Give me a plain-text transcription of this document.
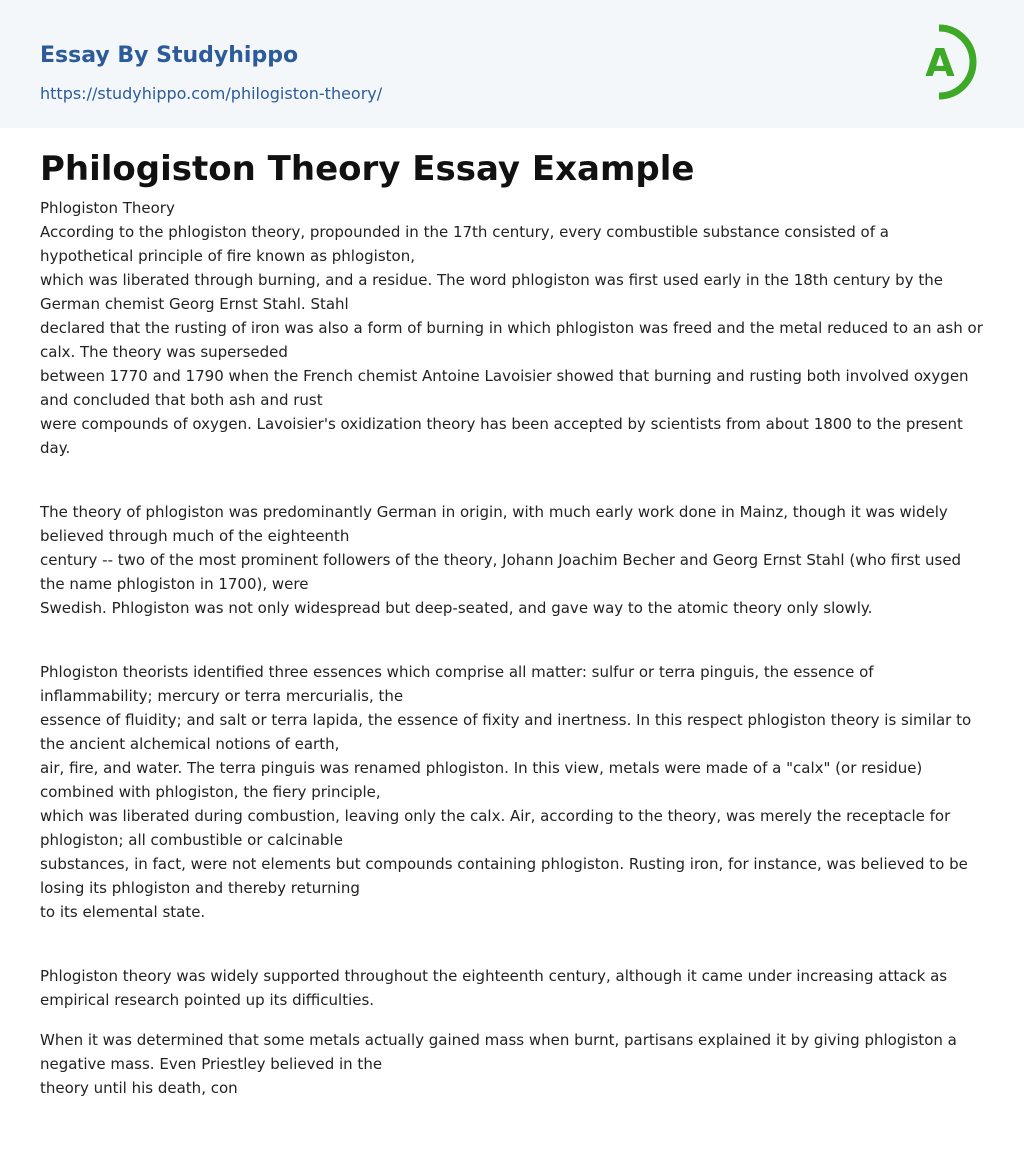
Essay By Studyhippo
https://studyhippo.com/philogiston-theory/
A
Philogiston Theory Essay Example

Phlogiston Theory
According to the phlogiston theory, propounded in the 17th century, every combustible substance consisted of a hypothetical principle of fire known as phlogiston,
which was liberated through burning, and a residue. The word phlogiston was first used early in the 18th century by the German chemist Georg Ernst Stahl. Stahl
declared that the rusting of iron was also a form of burning in which phlogiston was freed and the metal reduced to an ash or calx. The theory was superseded
between 1770 and 1790 when the French chemist Antoine Lavoisier showed that burning and rusting both involved oxygen and concluded that both ash and rust
were compounds of oxygen. Lavoisier's oxidization theory has been accepted by scientists from about 1800 to the present day.

The theory of phlogiston was predominantly German in origin, with much early work done in Mainz, though it was widely believed through much of the eighteenth
century -- two of the most prominent followers of the theory, Johann Joachim Becher and Georg Ernst Stahl (who first used the name phlogiston in 1700), were
Swedish. Phlogiston was not only widespread but deep-seated, and gave way to the atomic theory only slowly.

Phlogiston theorists identified three essences which comprise all matter: sulfur or terra pinguis, the essence of inflammability; mercury or terra mercurialis, the
essence of fluidity; and salt or terra lapida, the essence of fixity and inertness. In this respect phlogiston theory is similar to the ancient alchemical notions of earth,
air, fire, and water. The terra pinguis was renamed phlogiston. In this view, metals were made of a "calx" (or residue) combined with phlogiston, the fiery principle,
which was liberated during combustion, leaving only the calx. Air, according to the theory, was merely the receptacle for phlogiston; all combustible or calcinable
substances, in fact, were not elements but compounds containing phlogiston. Rusting iron, for instance, was believed to be losing its phlogiston and thereby returning
to its elemental state.

Phlogiston theory was widely supported throughout the eighteenth century, although it came under increasing attack as empirical research pointed up its difficulties.

When it was determined that some metals actually gained mass when burnt, partisans explained it by giving phlogiston a negative mass. Even Priestley believed in the
theory until his death, con
